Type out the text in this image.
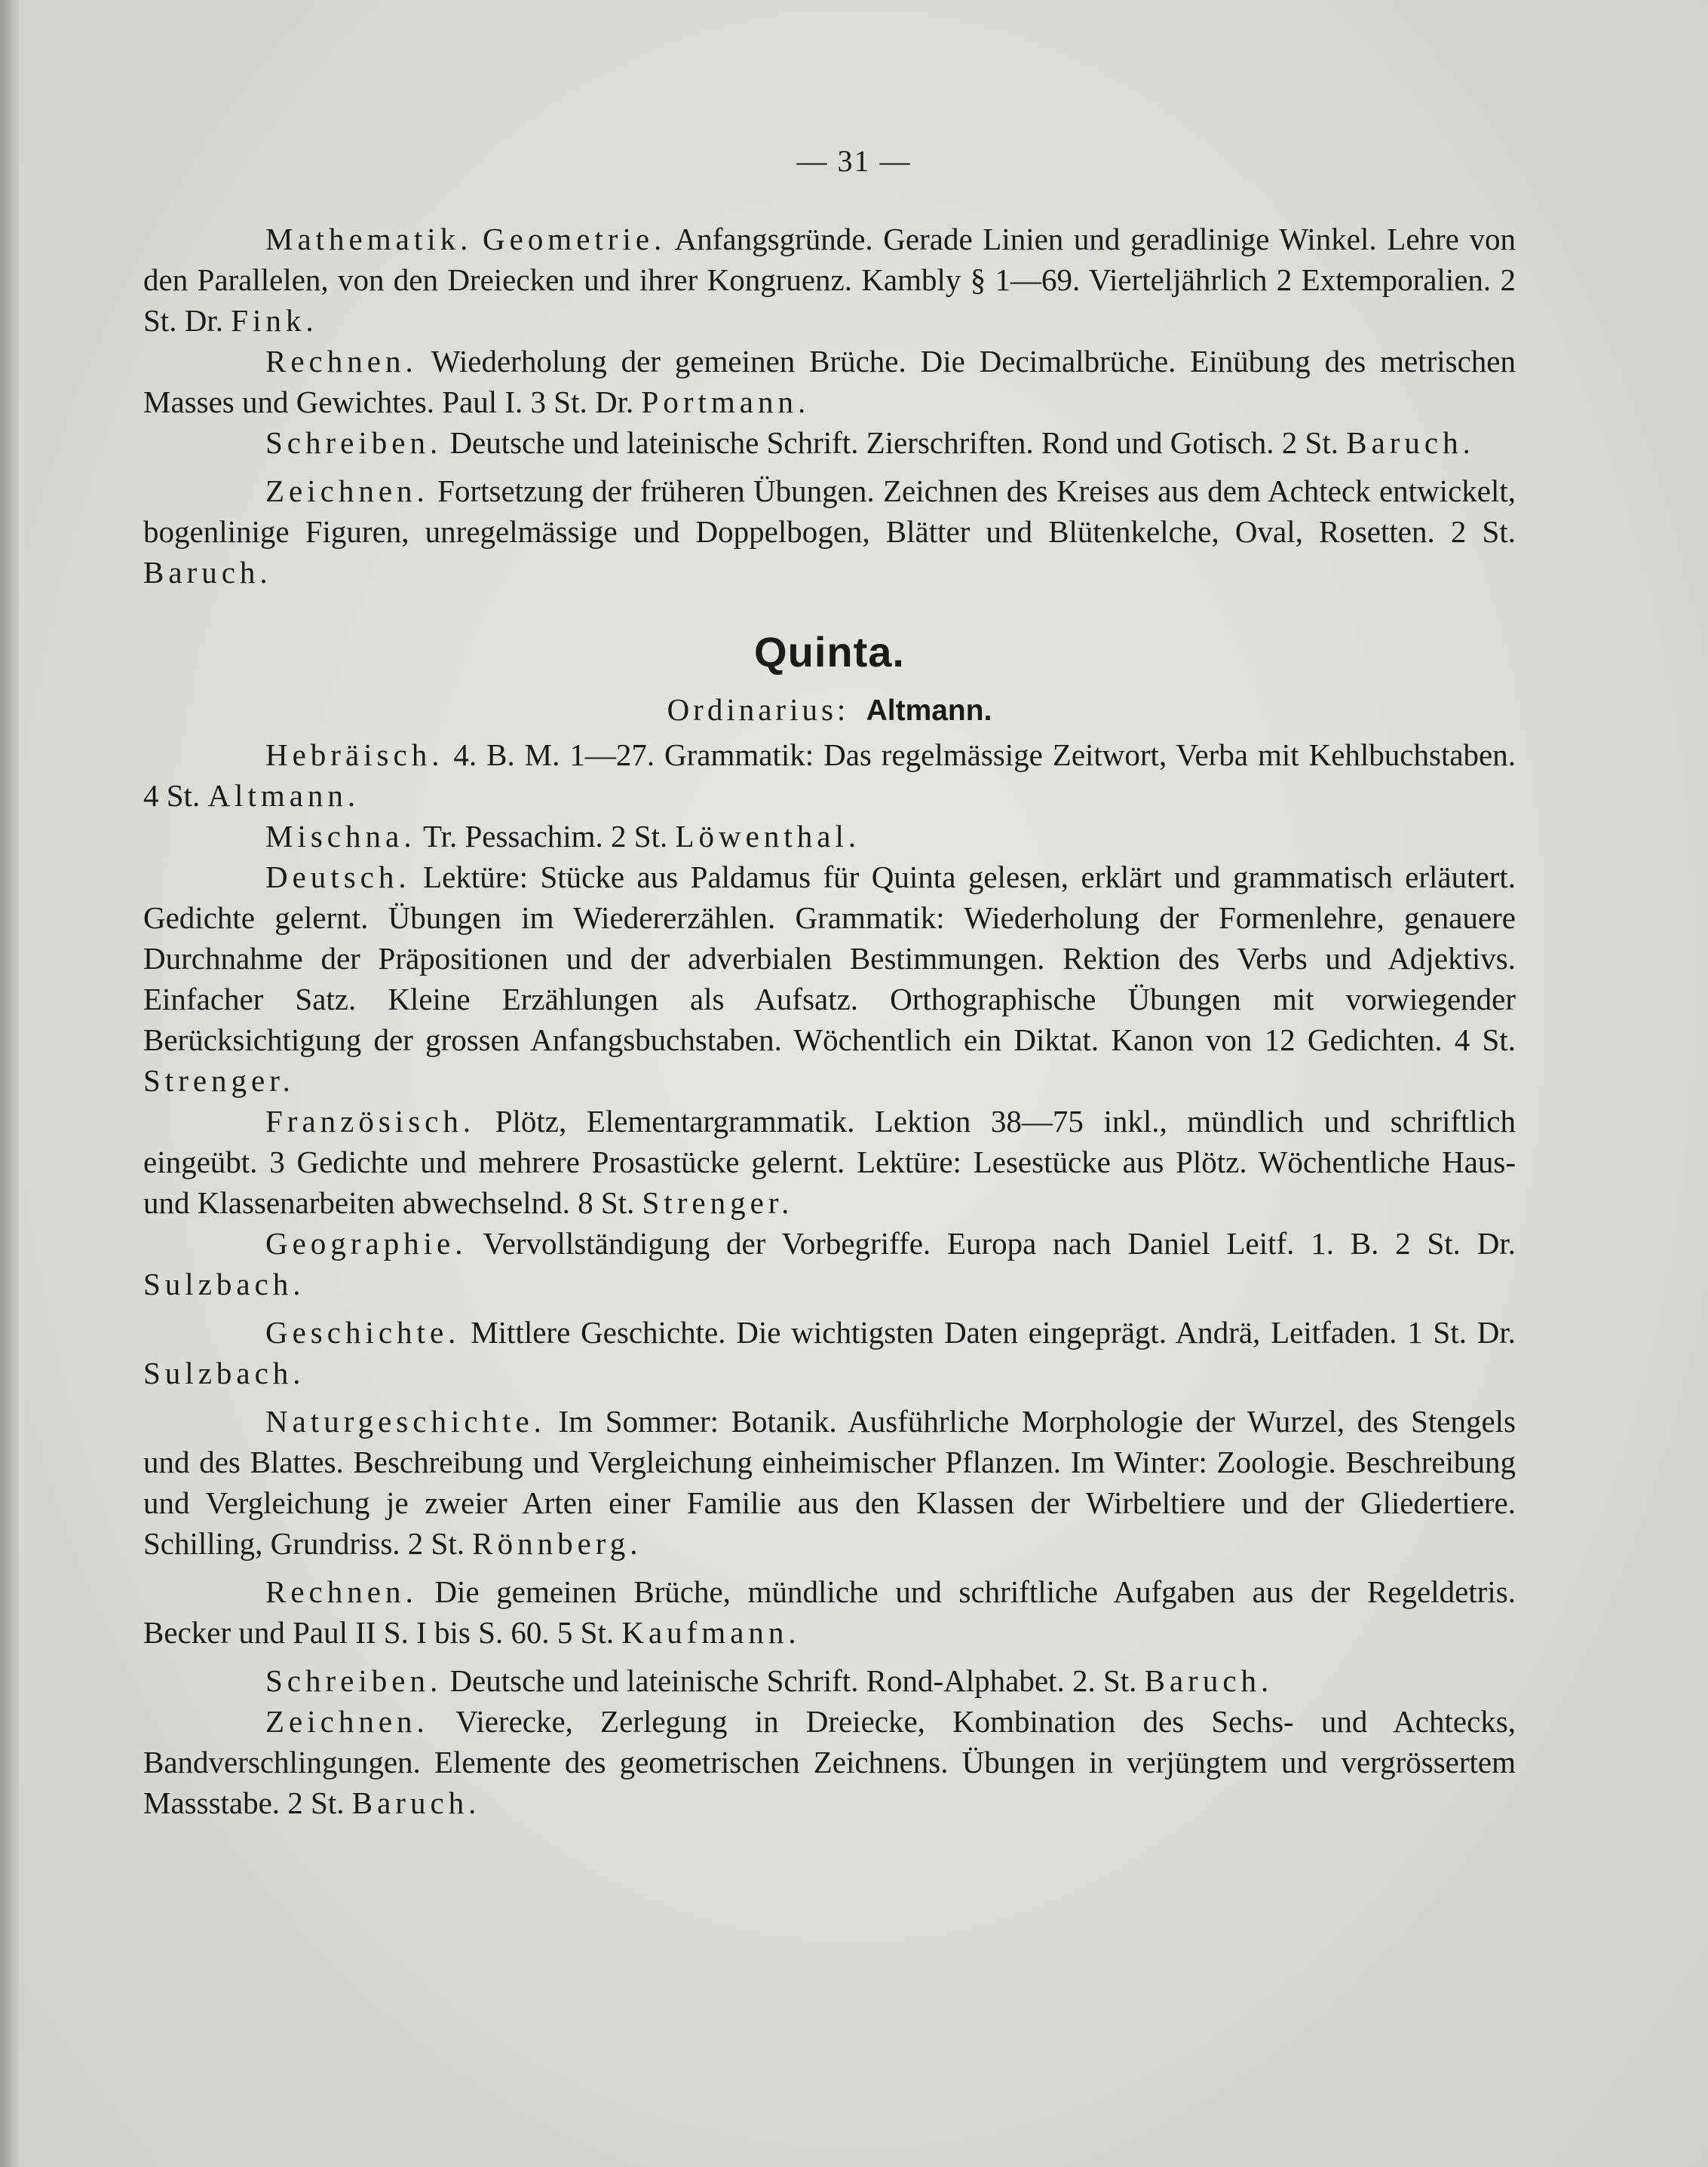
— 31 —

Mathematik. Geometrie. Anfangsgründe. Gerade Linien und geradlinige Winkel. Lehre von den Parallelen, von den Dreiecken und ihrer Kongruenz. Kambly § 1—69. Vierteljährlich 2 Extemporalien. 2 St. Dr. Fink.

Rechnen. Wiederholung der gemeinen Brüche. Die Decimalbrüche. Einübung des metrischen Masses und Gewichtes. Paul I. 3 St. Dr. Portmann.

Schreiben. Deutsche und lateinische Schrift. Zierschriften. Rond und Gotisch. 2 St. Baruch.

Zeichnen. Fortsetzung der früheren Übungen. Zeichnen des Kreises aus dem Achteck entwickelt, bogenlinige Figuren, unregelmässige und Doppelbogen, Blätter und Blütenkelche, Oval, Rosetten. 2 St. Baruch.

Quinta.
Ordinarius: Altmann.

Hebräisch. 4. B. M. 1—27. Grammatik: Das regelmässige Zeitwort, Verba mit Kehlbuchstaben. 4 St. Altmann.

Mischna. Tr. Pessachim. 2 St. Löwenthal.

Deutsch. Lektüre: Stücke aus Paldamus für Quinta gelesen, erklärt und grammatisch erläutert. Gedichte gelernt. Übungen im Wiedererzählen. Grammatik: Wiederholung der Formenlehre, genauere Durchnahme der Präpositionen und der adverbialen Bestimmungen. Rektion des Verbs und Adjektivs. Einfacher Satz. Kleine Erzählungen als Aufsatz. Orthographische Übungen mit vorwiegender Berücksichtigung der grossen Anfangsbuchstaben. Wöchentlich ein Diktat. Kanon von 12 Gedichten. 4 St. Strenger.

Französisch. Plötz, Elementargrammatik. Lektion 38—75 inkl., mündlich und schriftlich eingeübt. 3 Gedichte und mehrere Prosastücke gelernt. Lektüre: Lesestücke aus Plötz. Wöchentliche Haus- und Klassenarbeiten abwechselnd. 8 St. Strenger.

Geographie. Vervollständigung der Vorbegriffe. Europa nach Daniel Leitf. 1. B. 2 St. Dr. Sulzbach.

Geschichte. Mittlere Geschichte. Die wichtigsten Daten eingeprägt. Andrä, Leitfaden. 1 St. Dr. Sulzbach.

Naturgeschichte. Im Sommer: Botanik. Ausführliche Morphologie der Wurzel, des Stengels und des Blattes. Beschreibung und Vergleichung einheimischer Pflanzen. Im Winter: Zoologie. Beschreibung und Vergleichung je zweier Arten einer Familie aus den Klassen der Wirbeltiere und der Gliedertiere. Schilling, Grundriss. 2 St. Rönnberg.

Rechnen. Die gemeinen Brüche, mündliche und schriftliche Aufgaben aus der Regeldetris. Becker und Paul II S. I bis S. 60. 5 St. Kaufmann.

Schreiben. Deutsche und lateinische Schrift. Rond-Alphabet. 2. St. Baruch.

Zeichnen. Vierecke, Zerlegung in Dreiecke, Kombination des Sechs- und Achtecks, Bandverschlingungen. Elemente des geometrischen Zeichnens. Übungen in verjüngtem und vergrössertem Massstabe. 2 St. Baruch.
